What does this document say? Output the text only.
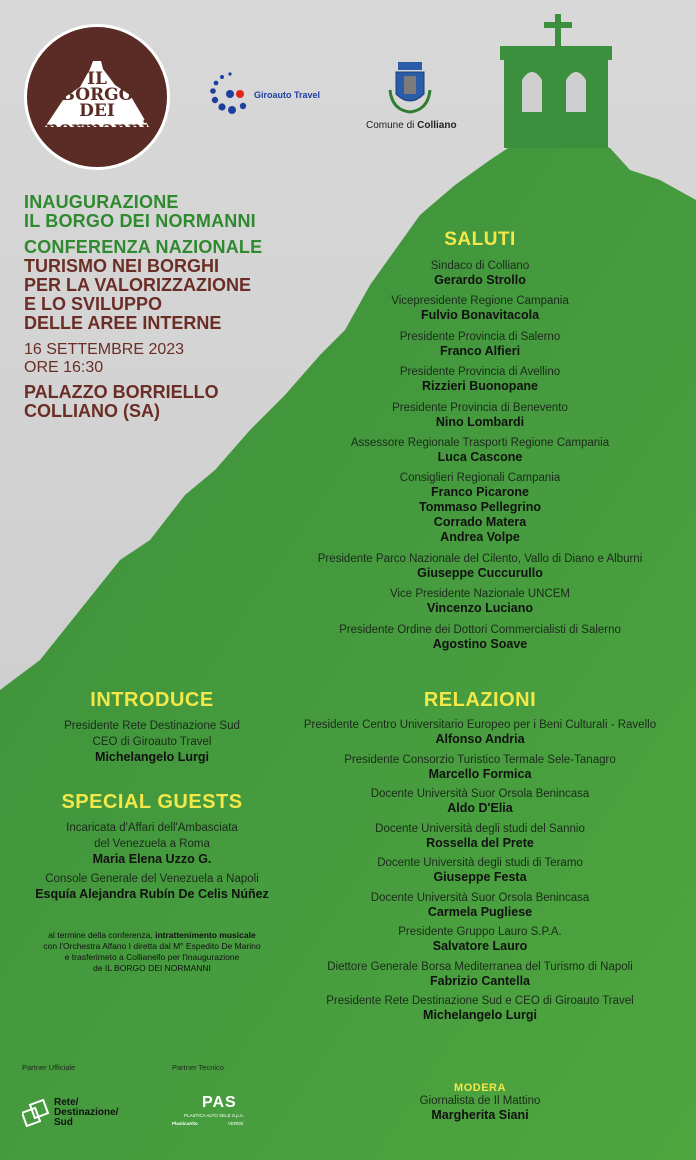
IL
BORGO
DEI
normanni
COLLIANO
Giroauto Travel
Comune di Colliano
INAUGURAZIONE
IL BORGO DEI NORMANNI
CONFERENZA NAZIONALE
TURISMO NEI BORGHI
PER LA VALORIZZAZIONE
E LO SVILUPPO
DELLE AREE INTERNE
16 SETTEMBRE 2023
ORE 16:30
PALAZZO BORRIELLO
COLLIANO (SA)
SALUTI
Sindaco di Colliano
Gerardo Strollo
Vicepresidente Regione Campania
Fulvio Bonavitacola
Presidente Provincia di Salerno
Franco Alfieri
Presidente Provincia di Avellino
Rizzieri Buonopane
Presidente Provincia di Benevento
Nino Lombardi
Assessore Regionale Trasporti Regione Campania
Luca Cascone
Consiglieri Regionali Campania
Franco Picarone
Tommaso Pellegrino
Corrado Matera
Andrea Volpe
Presidente Parco Nazionale del Cilento, Vallo di Diano e Alburni
Giuseppe Cuccurullo
Vice Presidente Nazionale UNCEM
Vincenzo Luciano
Presidente Ordine dei Dottori Commercialisti di Salerno
Agostino Soave
RELAZIONI
Presidente Centro Universitario Europeo per i Beni Culturali - Ravello
Alfonso Andria
Presidente Consorzio Turistico Termale Sele-Tanagro
Marcello Formica
Docente Università Suor Orsola Benincasa
Aldo D'Elia
Docente Università degli studi del Sannio
Rossella del Prete
Docente Università degli studi di Teramo
Giuseppe Festa
Docente Università Suor Orsola Benincasa
Carmela Pugliese
Presidente Gruppo Lauro S.P.A.
Salvatore Lauro
Diettore Generale Borsa Mediterranea del Turismo di Napoli
Fabrizio Cantella
Presidente Rete Destinazione Sud e CEO di Giroauto Travel
Michelangelo Lurgi
MODERA
Giornalista de Il Mattino
Margherita Siani
INTRODUCE
Presidente Rete Destinazione Sud
CEO di Giroauto Travel
Michelangelo Lurgi
SPECIAL GUESTS
Incaricata d'Affari dell'Ambasciata
del Venezuela a Roma
Maria Elena Uzzo G.
Console Generale del Venezuela a Napoli
Esquía Alejandra Rubín De Celis Núñez
al termine della conferenza, intrattenimento musicale
con l'Orchestra Alfano I diretta dal M° Espedito De Marino
e trasferimeto a Collianello per l'inaugurazione
de IL BORGO DEI NORMANNI
Partner Ufficiale	Partner Tecnico
Rete/
Destinazione/
Sud
PAS
PLASTICA ALTO SELE S.p.A.
PlasticaAlto	VERDE
